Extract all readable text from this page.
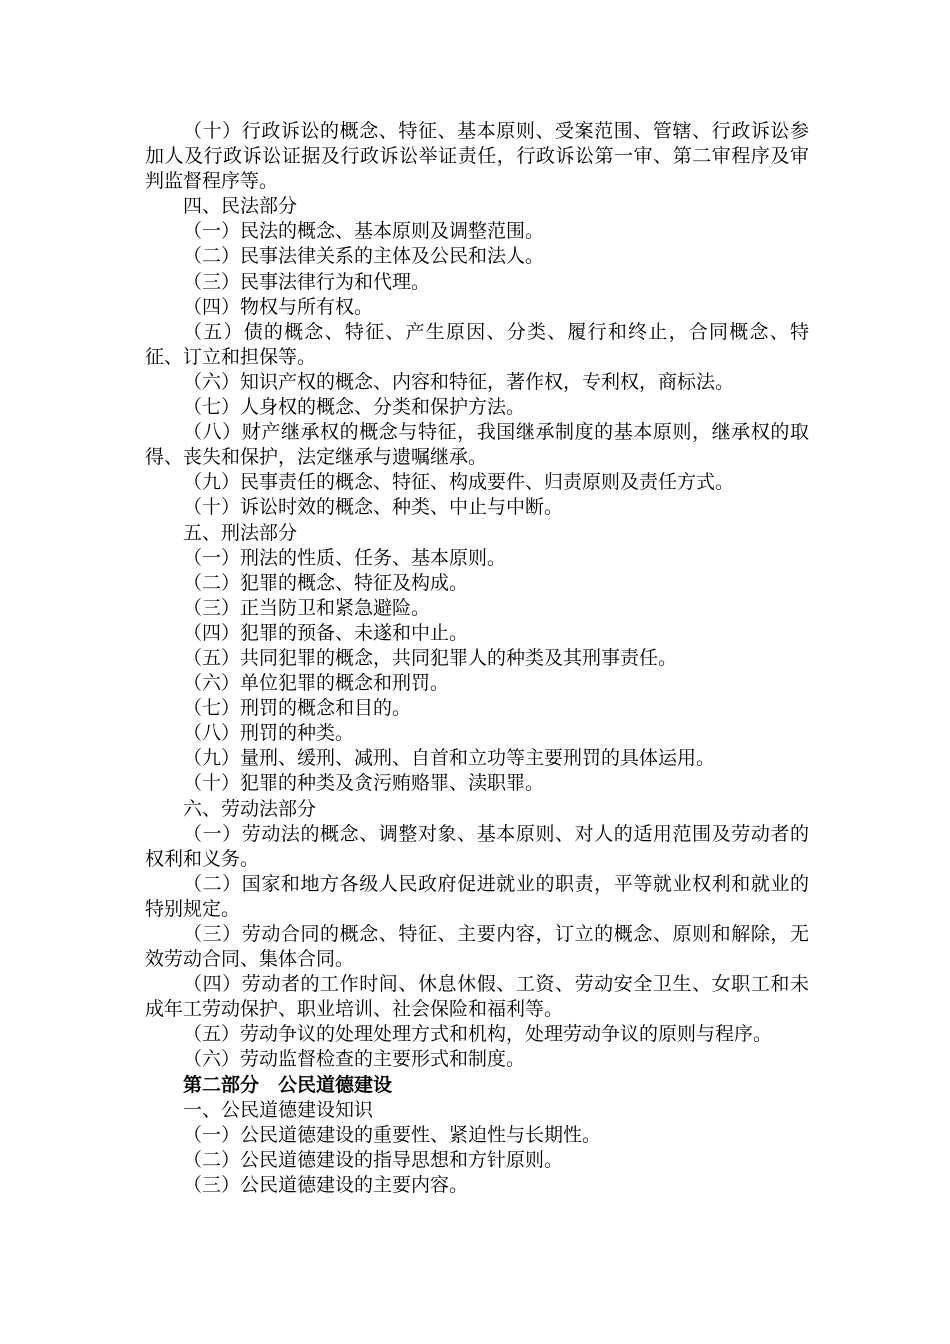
（十）行政诉讼的概念、特征、基本原则、受案范围、管辖、行政诉讼参加人及行政诉讼证据及行政诉讼举证责任，行政诉讼第一审、第二审程序及审判监督程序等。

四、民法部分

（一）民法的概念、基本原则及调整范围。

（二）民事法律关系的主体及公民和法人。

（三）民事法律行为和代理。

（四）物权与所有权。

（五）债的概念、特征、产生原因、分类、履行和终止，合同概念、特征、订立和担保等。

（六）知识产权的概念、内容和特征，著作权，专利权，商标法。

（七）人身权的概念、分类和保护方法。

（八）财产继承权的概念与特征，我国继承制度的基本原则，继承权的取得、丧失和保护，法定继承与遗嘱继承。

（九）民事责任的概念、特征、构成要件、归责原则及责任方式。

（十）诉讼时效的概念、种类、中止与中断。

五、刑法部分

（一）刑法的性质、任务、基本原则。

（二）犯罪的概念、特征及构成。

（三）正当防卫和紧急避险。

（四）犯罪的预备、未遂和中止。

（五）共同犯罪的概念，共同犯罪人的种类及其刑事责任。

（六）单位犯罪的概念和刑罚。

（七）刑罚的概念和目的。

（八）刑罚的种类。

（九）量刑、缓刑、减刑、自首和立功等主要刑罚的具体运用。

（十）犯罪的种类及贪污贿赂罪、渎职罪。

六、劳动法部分

（一）劳动法的概念、调整对象、基本原则、对人的适用范围及劳动者的权利和义务。

（二）国家和地方各级人民政府促进就业的职责，平等就业权利和就业的特别规定。

（三）劳动合同的概念、特征、主要内容，订立的概念、原则和解除，无效劳动合同、集体合同。

（四）劳动者的工作时间、休息休假、工资、劳动安全卫生、女职工和未成年工劳动保护、职业培训、社会保险和福利等。

（五）劳动争议的处理处理方式和机构，处理劳动争议的原则与程序。

（六）劳动监督检查的主要形式和制度。

第二部分　公民道德建设

一、公民道德建设知识

（一）公民道德建设的重要性、紧迫性与长期性。

（二）公民道德建设的指导思想和方针原则。

（三）公民道德建设的主要内容。
